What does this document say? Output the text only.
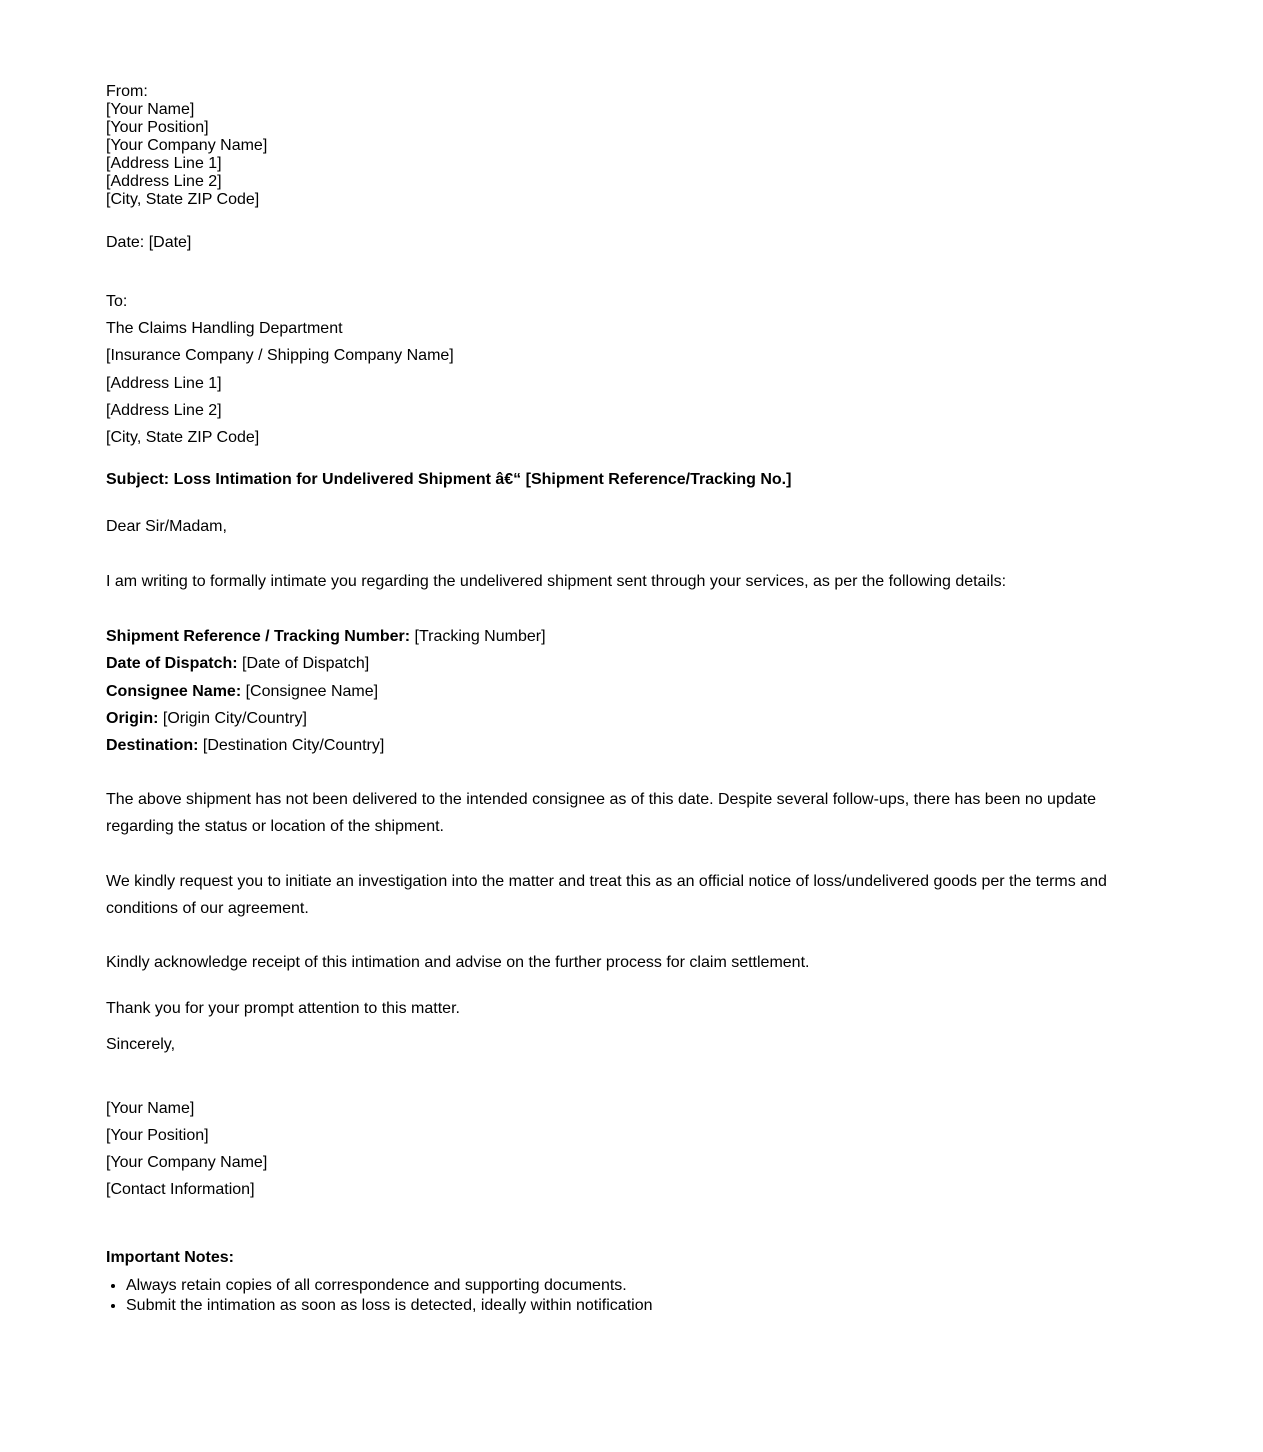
From:
[Your Name]
[Your Position]
[Your Company Name]
[Address Line 1]
[Address Line 2]
[City, State ZIP Code]
Date: [Date]
To:
The Claims Handling Department
[Insurance Company / Shipping Company Name]
[Address Line 1]
[Address Line 2]
[City, State ZIP Code]
Subject: Loss Intimation for Undelivered Shipment â€“ [Shipment Reference/Tracking No.]
Dear Sir/Madam,
I am writing to formally intimate you regarding the undelivered shipment sent through your services, as per the following details:
Shipment Reference / Tracking Number: [Tracking Number]
Date of Dispatch: [Date of Dispatch]
Consignee Name: [Consignee Name]
Origin: [Origin City/Country]
Destination: [Destination City/Country]
The above shipment has not been delivered to the intended consignee as of this date. Despite several follow-ups, there has been no update regarding the status or location of the shipment.
We kindly request you to initiate an investigation into the matter and treat this as an official notice of loss/undelivered goods per the terms and conditions of our agreement.
Kindly acknowledge receipt of this intimation and advise on the further process for claim settlement.
Thank you for your prompt attention to this matter.
Sincerely,
[Your Name]
[Your Position]
[Your Company Name]
[Contact Information]
Important Notes:
• Always retain copies of all correspondence and supporting documents.
• Submit the intimation as soon as loss is detected, ideally within notification
